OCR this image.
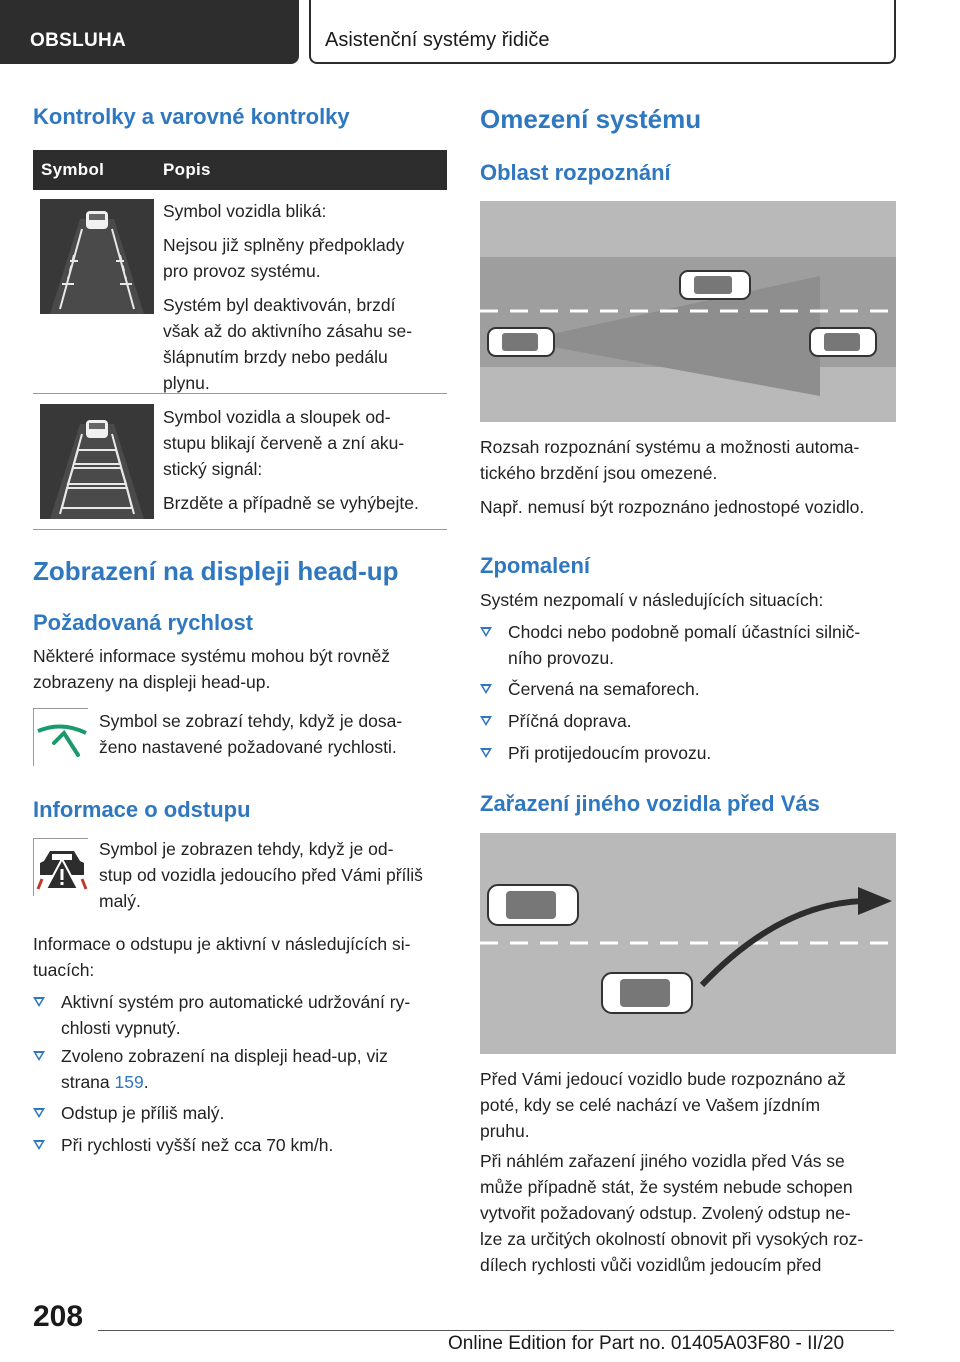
OBSLUHA	Asistenční systémy řidiče
Kontrolky a varovné kontrolky
Symbol	Popis
Symbol vozidla bliká:
Nejsou již splněny předpoklady
pro provoz systému.
Systém byl deaktivován, brzdí
však až do aktivního zásahu se-
šlápnutím brzdy nebo pedálu
plynu.
Symbol vozidla a sloupek od-
stupu blikají červeně a zní aku-
stický signál:
Brzděte a případně se vyhýbejte.
Zobrazení na displeji head-up
Požadovaná rychlost
Některé informace systému mohou být rovněž
zobrazeny na displeji head-up.
Symbol se zobrazí tehdy, když je dosa-
ženo nastavené požadované rychlosti.
Informace o odstupu
Symbol je zobrazen tehdy, když je od-
stup od vozidla jedoucího před Vámi příliš
malý.
Informace o odstupu je aktivní v následujících si-
tuacích:
Aktivní systém pro automatické udržování ry-
chlosti vypnutý.
Zvoleno zobrazení na displeji head-up, viz
strana 159.
Odstup je příliš malý.
Při rychlosti vyšší než cca 70 km/h.
Omezení systému
Oblast rozpoznání
Rozsah rozpoznání systému a možnosti automa-
tického brzdění jsou omezené.
Např. nemusí být rozpoznáno jednostopé vozidlo.
Zpomalení
Systém nezpomalí v následujících situacích:
Chodci nebo podobně pomalí účastníci silnič-
ního provozu.
Červená na semaforech.
Příčná doprava.
Při protijedoucím provozu.
Zařazení jiného vozidla před Vás
Před Vámi jedoucí vozidlo bude rozpoznáno až
poté, kdy se celé nachází ve Vašem jízdním
pruhu.
Při náhlém zařazení jiného vozidla před Vás se
může případně stát, že systém nebude schopen
vytvořit požadovaný odstup. Zvolený odstup ne-
lze za určitých okolností obnovit při vysokých roz-
dílech rychlosti vůči vozidlům jedoucím před
208
Online Edition for Part no. 01405A03F80 - II/20
